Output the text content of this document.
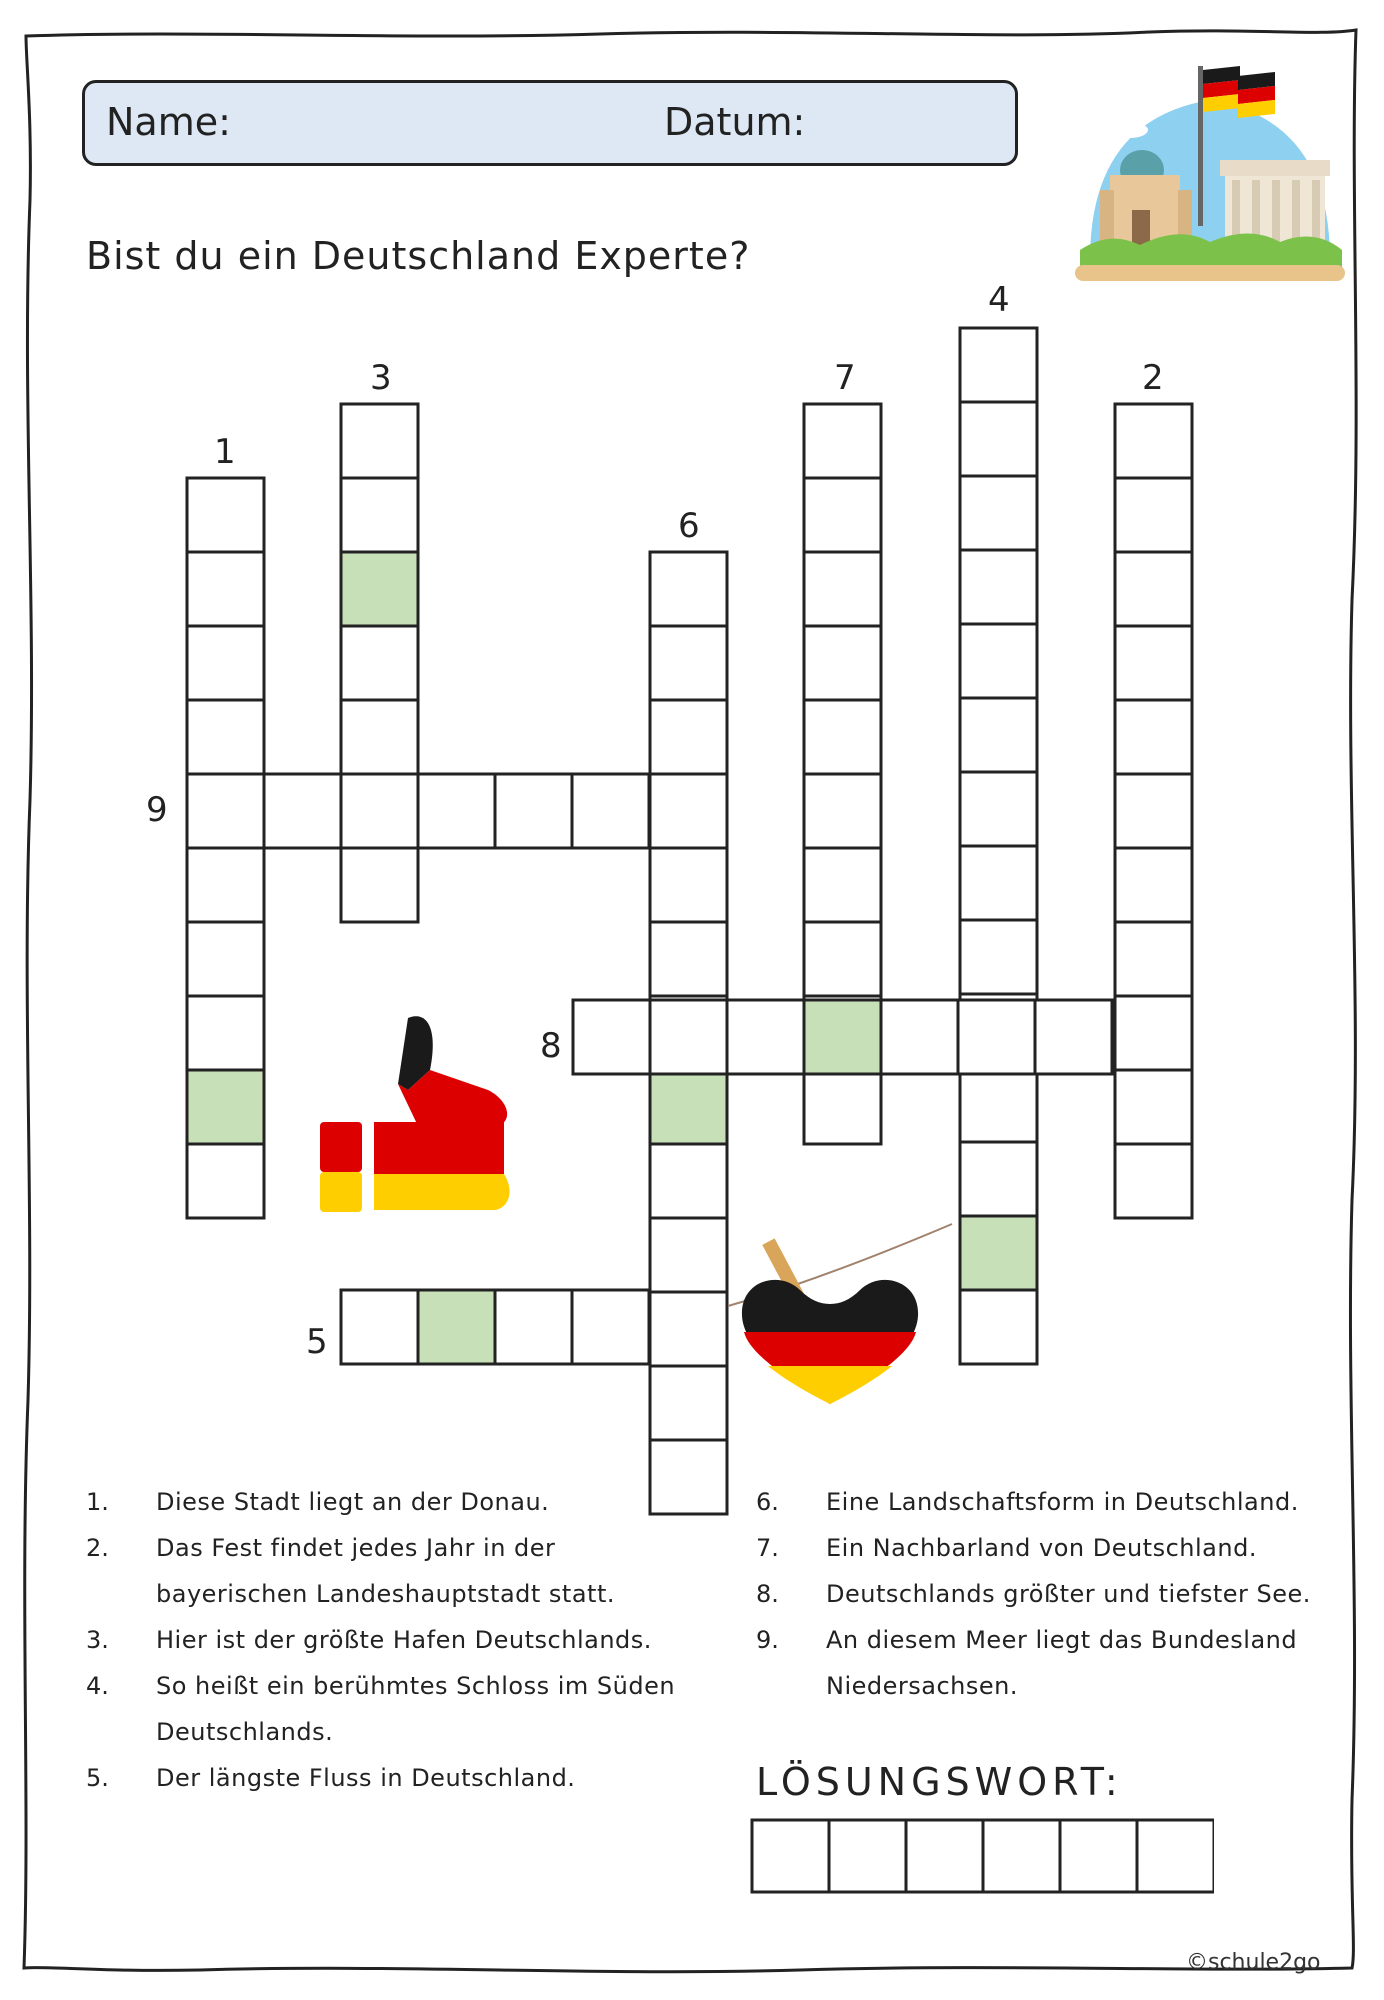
Name:	Datum:
Bist du ein Deutschland Experte?
1
2
3
4
5
6
7
8
9
1. Diese Stadt liegt an der Donau.
2. Das Fest findet jedes Jahr in der
bayerischen Landeshauptstadt statt.
3. Hier ist der größte Hafen Deutschlands.
4. So heißt ein berühmtes Schloss im Süden
Deutschlands.
5. Der längste Fluss in Deutschland.
6. Eine Landschaftsform in Deutschland.
7. Ein Nachbarland von Deutschland.
8. Deutschlands größter und tiefster See.
9. An diesem Meer liegt das Bundesland
Niedersachsen.
LÖSUNGSWORT:
©schule2go
